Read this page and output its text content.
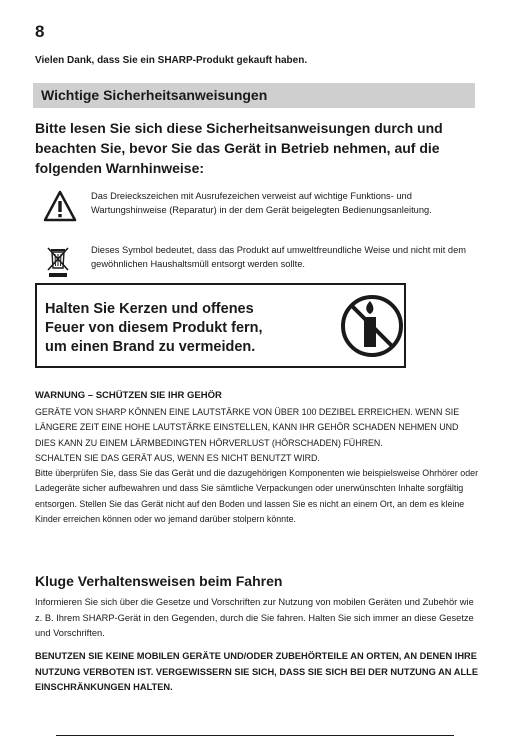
8
Vielen Dank, dass Sie ein SHARP-Produkt gekauft haben.
Wichtige Sicherheitsanweisungen
Bitte lesen Sie sich diese Sicherheitsanweisungen durch und beachten Sie, bevor Sie das Gerät in Betrieb nehmen, auf die folgenden Warnhinweise:
Das Dreieckszeichen mit Ausrufezeichen verweist auf wichtige Funktions- und Wartungshinweise (Reparatur) in der dem Gerät beigelegten Bedienungsanleitung.
Dieses Symbol bedeutet, dass das Produkt auf umweltfreundliche Weise und nicht mit dem gewöhnlichen Haushaltsmüll entsorgt werden sollte.
Halten Sie Kerzen und offenes Feuer von diesem Produkt fern, um einen Brand zu vermeiden.
WARNUNG – SCHÜTZEN SIE IHR GEHÖR

GERÄTE VON SHARP KÖNNEN EINE LAUTSTÄRKE VON ÜBER 100 DEZIBEL ERREICHEN. WENN SIE LÄNGERE ZEIT EINE HOHE LAUTSTÄRKE EINSTELLEN, KANN IHR GEHÖR SCHADEN NEHMEN UND DIES KANN ZU EINEM LÄRMBEDINGTEN HÖRVERLUST (HÖRSCHADEN) FÜHREN.

SCHALTEN SIE DAS GERÄT AUS, WENN ES NICHT BENUTZT WIRD.

Bitte überprüfen Sie, dass Sie das Gerät und die dazugehörigen Komponenten wie beispielsweise Ohrhörer oder Ladegeräte sicher aufbewahren und dass Sie sämtliche Verpackungen oder unerwünschten Inhalte sorgfältig entsorgen. Stellen Sie das Gerät nicht auf den Boden und lassen Sie es nicht an einem Ort, an dem es kleine Kinder erreichen können oder wo jemand darüber stolpern könnte.

Kluge Verhaltensweisen beim Fahren
Informieren Sie sich über die Gesetze und Vorschriften zur Nutzung von mobilen Geräten und Zubehör wie z. B. Ihrem SHARP-Gerät in den Gegenden, durch die Sie fahren. Halten Sie sich immer an diese Gesetze und Vorschriften.
BENUTZEN SIE KEINE MOBILEN GERÄTE UND/ODER ZUBEHÖRTEILE AN ORTEN, AN DENEN IHRE NUTZUNG VERBOTEN IST. VERGEWISSERN SIE SICH, DASS SIE SICH BEI DER NUTZUNG AN ALLE EINSCHRÄNKUNGEN HALTEN.
